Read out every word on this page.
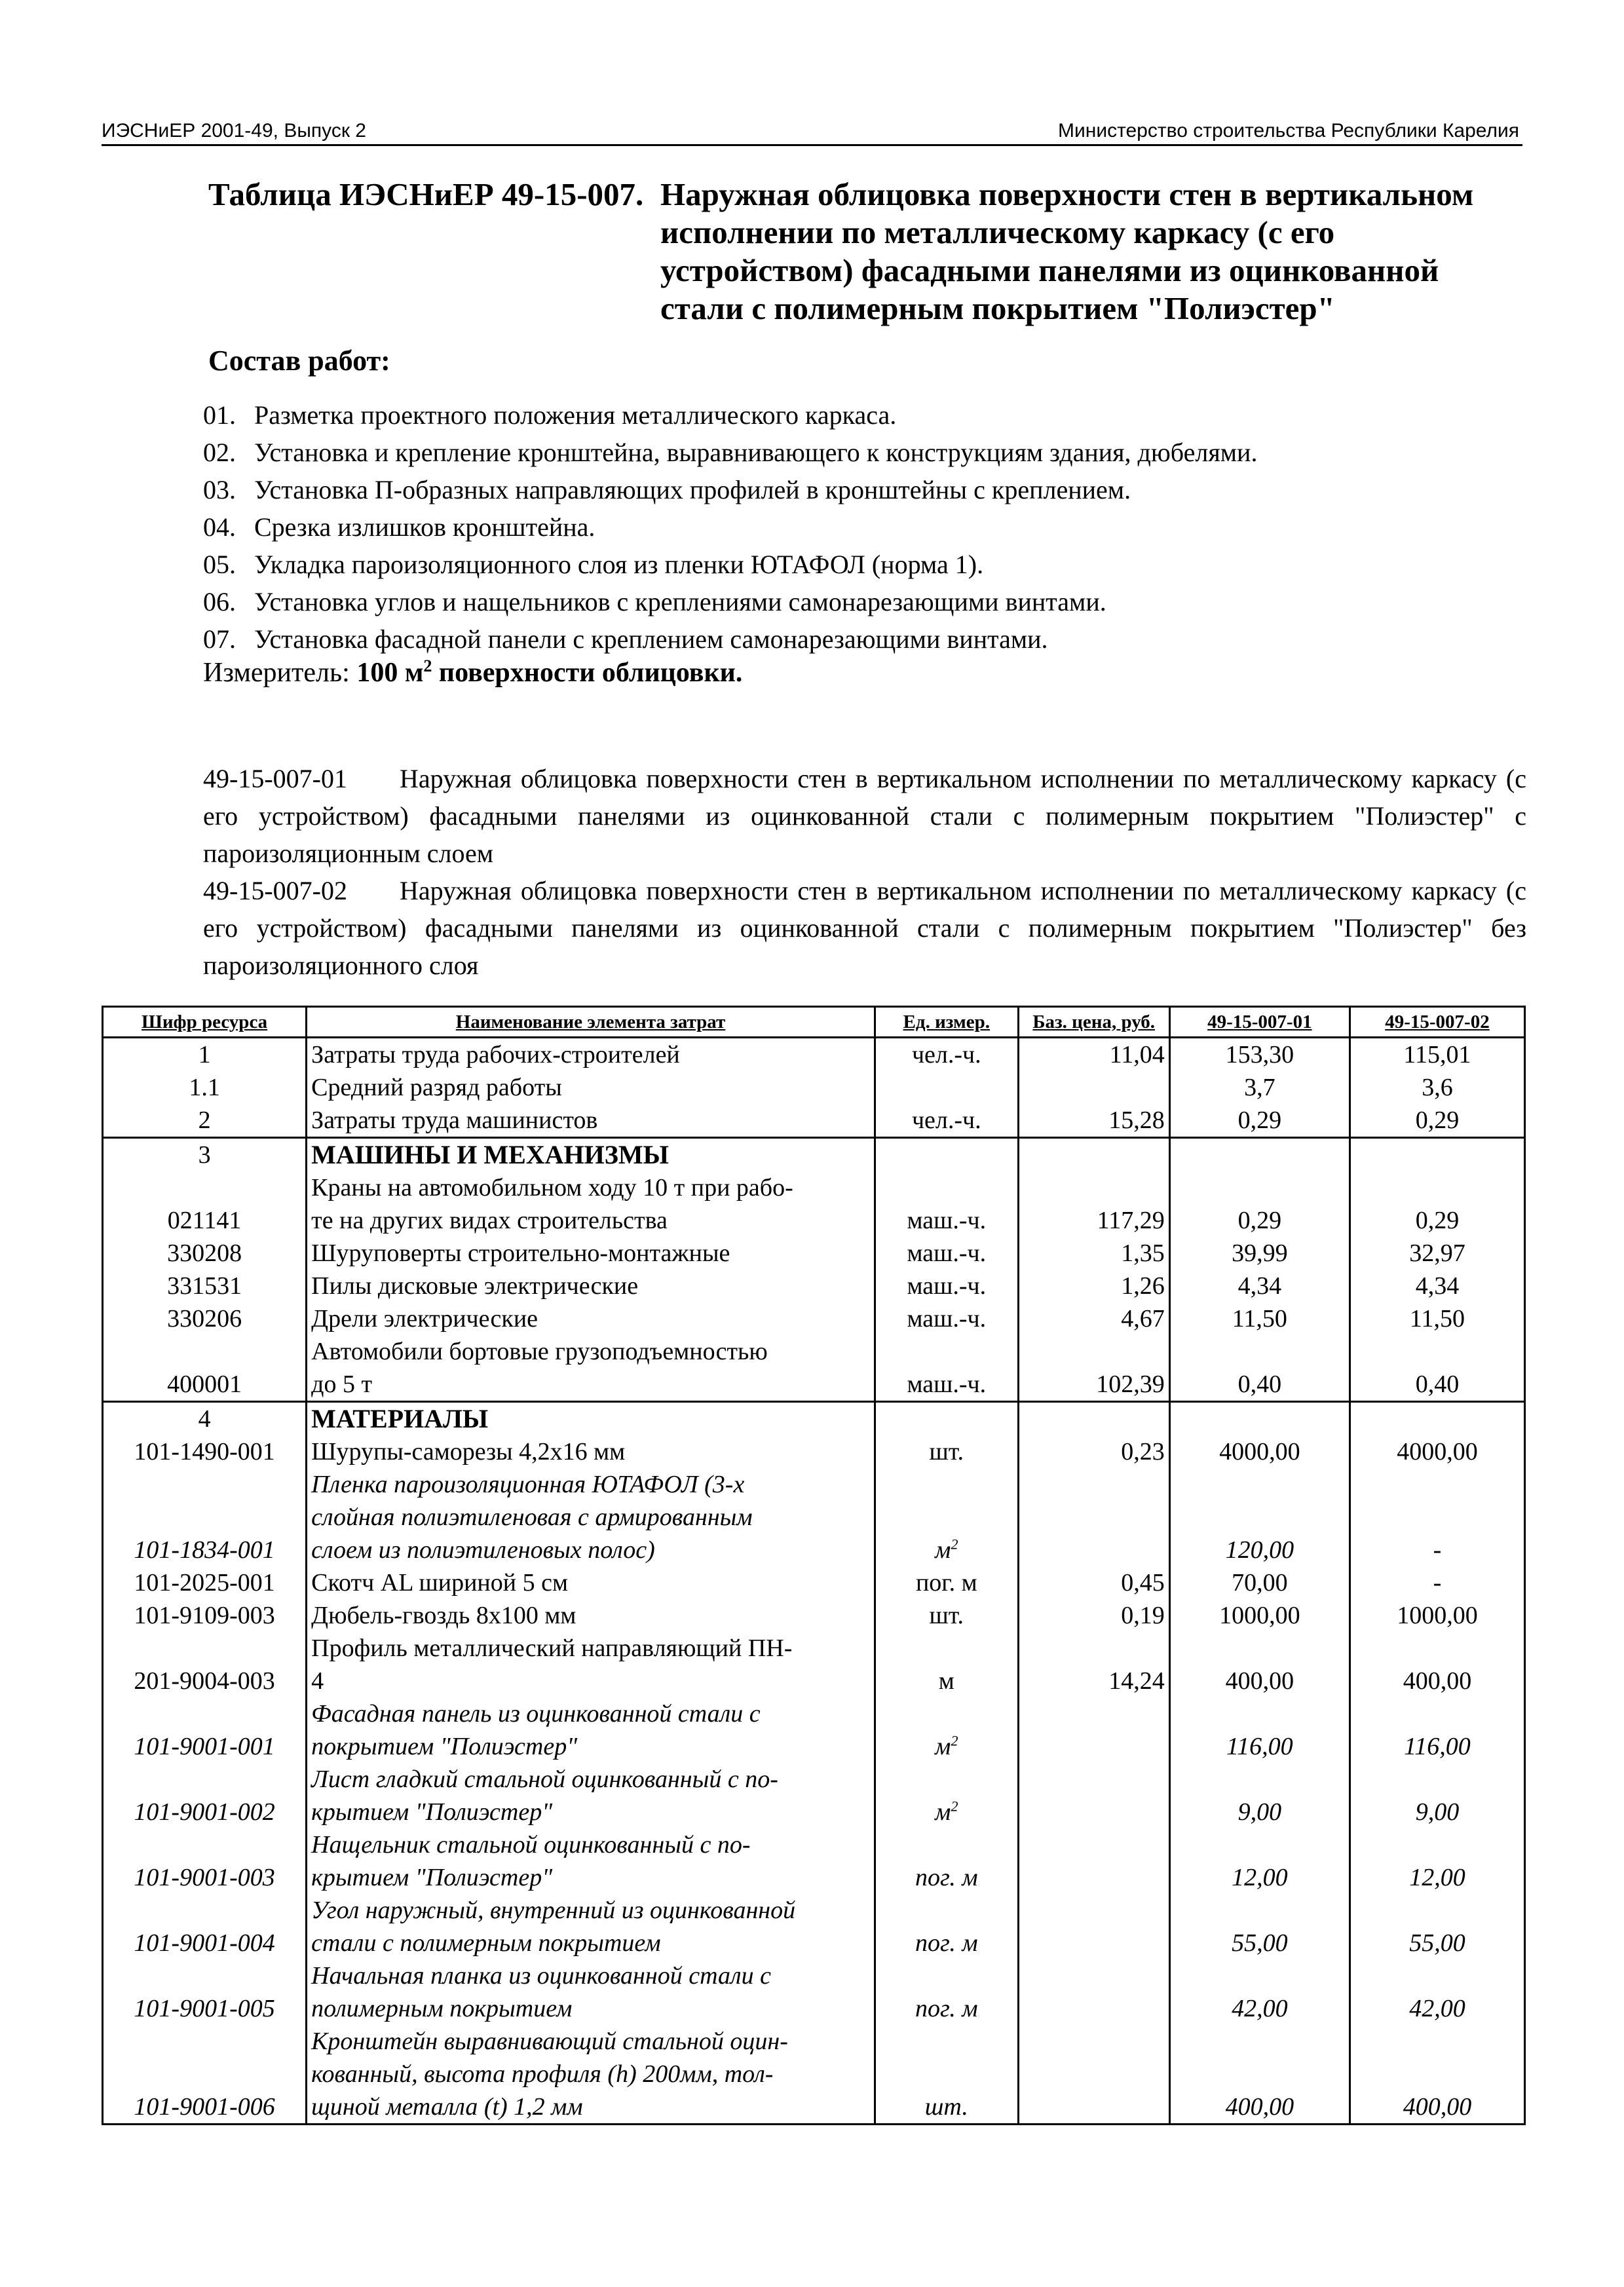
ИЭСНиЕР 2001-49, Выпуск 2	Министерство строительства Республики Карелия
Таблица ИЭСНиЕР 49-15-007. Наружная облицовка поверхности стен в вертикальном
исполнении по металлическому каркасу (с его
устройством) фасадными панелями из оцинкованной
стали с полимерным покрытием "Полиэстер"
Состав работ:
01. Разметка проектного положения металлического каркаса.
02. Установка и крепление кронштейна, выравнивающего к конструкциям здания, дюбелями.
03. Установка П-образных направляющих профилей в кронштейны с креплением.
04. Срезка излишков кронштейна.
05. Укладка пароизоляционного слоя из пленки ЮТАФОЛ (норма 1).
06. Установка углов и нащельников с креплениями самонарезающими винтами.
07. Установка фасадной панели с креплением самонарезающими винтами.
Измеритель: 100 $м^2$ поверхности облицовки.
49-15-007-01 Наружная облицовка поверхности стен в вертикальном исполнении по металлическому каркасу (с его устройством) фасадными панелями из оцинкованной стали с полимерным покрытием "Полиэстер" с пароизоляционным слоем
49-15-007-02 Наружная облицовка поверхности стен в вертикальном исполнении по металлическому каркасу (с его устройством) фасадными панелями из оцинкованной стали с полимерным покрытием "Полиэстер" без пароизоляционного слоя
Шифр ресурса	Наименование элемента затрат	Ед. измер.	Баз. цена, руб.	49-15-007-01	49-15-007-02
1	Затраты труда рабочих-строителей	чел.-ч.	11,04	153,30	115,01
1.1	Средний разряд работы			3,7	3,6
2	Затраты труда машинистов	чел.-ч.	15,28	0,29	0,29
3	МАШИНЫ И МЕХАНИЗМЫ				
021141	Краны на автомобильном ходу 10 т при рабо-
те на других видах строительства	маш.-ч.	117,29	0,29	0,29
330208	Шуруповерты строительно-монтажные	маш.-ч.	1,35	39,99	32,97
331531	Пилы дисковые электрические	маш.-ч.	1,26	4,34	4,34
330206	Дрели электрические	маш.-ч.	4,67	11,50	11,50
400001	Автомобили бортовые грузоподъемностью
до 5 т	маш.-ч.	102,39	0,40	0,40
4	МАТЕРИАЛЫ				
101-1490-001	Шурупы-саморезы 4,2х16 мм	шт.	0,23	4000,00	4000,00
101-1834-001	Пленка пароизоляционная ЮТАФОЛ (3-х
слойная полиэтиленовая с армированным
слоем из полиэтиленовых полос)	$м^2$		120,00	-
101-2025-001	Скотч AL шириной 5 см	пог. м	0,45	70,00	-
101-9109-003	Дюбель-гвоздь 8х100 мм	шт.	0,19	1000,00	1000,00
201-9004-003	Профиль металлический направляющий ПН-
4	м	14,24	400,00	400,00
101-9001-001	Фасадная панель из оцинкованной стали с
покрытием "Полиэстер"	$м^2$		116,00	116,00
101-9001-002	Лист гладкий стальной оцинкованный с по-
крытием "Полиэстер"	$м^2$		9,00	9,00
101-9001-003	Нащельник стальной оцинкованный с по-
крытием "Полиэстер"	пог. м		12,00	12,00
101-9001-004	Угол наружный, внутренний из оцинкованной
стали с полимерным покрытием	пог. м		55,00	55,00
101-9001-005	Начальная планка из оцинкованной стали с
полимерным покрытием	пог. м		42,00	42,00
101-9001-006	Кронштейн выравнивающий стальной оцин-
кованный, высота профиля (h) 200мм, тол-
щиной металла (t) 1,2 мм	шт.		400,00	400,00
